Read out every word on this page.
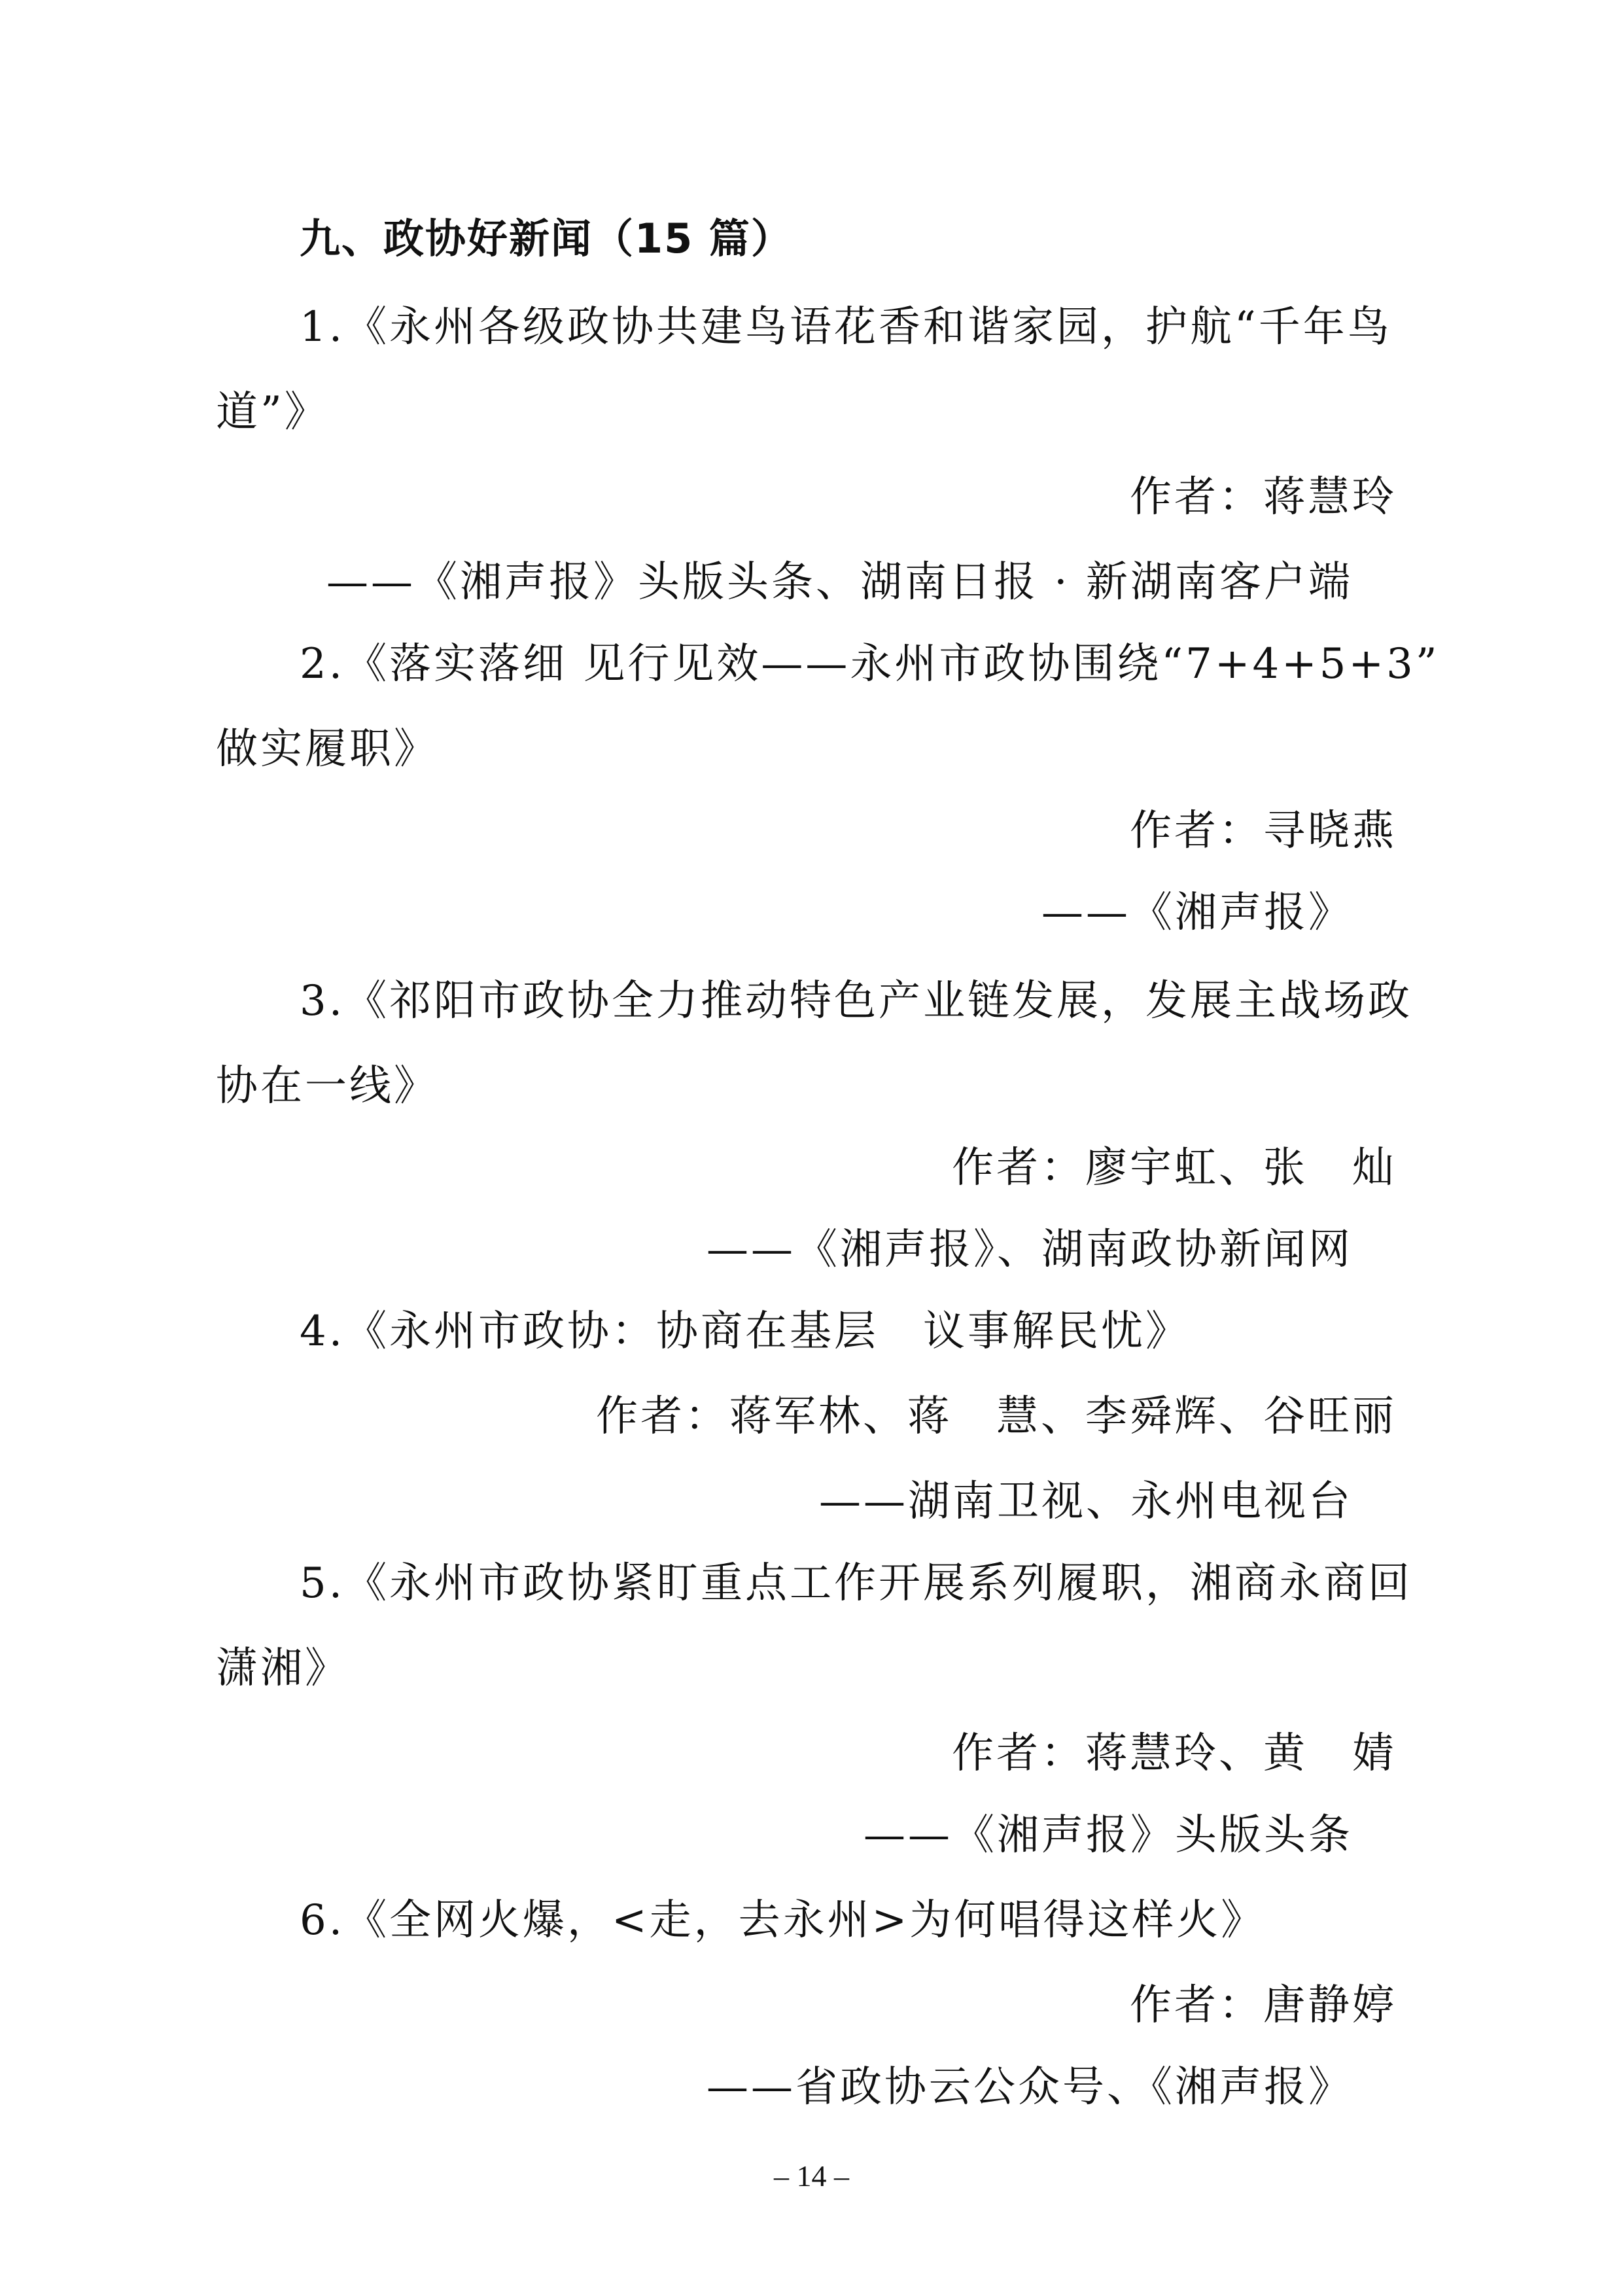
九、政协好新闻（15 篇）
1.《永州各级政协共建鸟语花香和谐家园，护航“千年鸟
道”》
作者：蒋慧玲
——《湘声报》头版头条、湖南日报 · 新湖南客户端
2.《落实落细 见行见效——永州市政协围绕“7+4+5+3”
做实履职》
作者：寻晓燕
——《湘声报》
3.《祁阳市政协全力推动特色产业链发展，发展主战场政
协在一线》
作者：廖宇虹、张　灿
——《湘声报》、湖南政协新闻网
4.《永州市政协：协商在基层　议事解民忧》
作者：蒋军林、蒋　慧、李舜辉、谷旺丽
——湖南卫视、永州电视台
5.《永州市政协紧盯重点工作开展系列履职，湘商永商回
潇湘》
作者：蒋慧玲、黄　婧
——《湘声报》头版头条
6.《全网火爆，<走，去永州>为何唱得这样火》
作者：唐静婷
——省政协云公众号、《湘声报》
– 14 –
